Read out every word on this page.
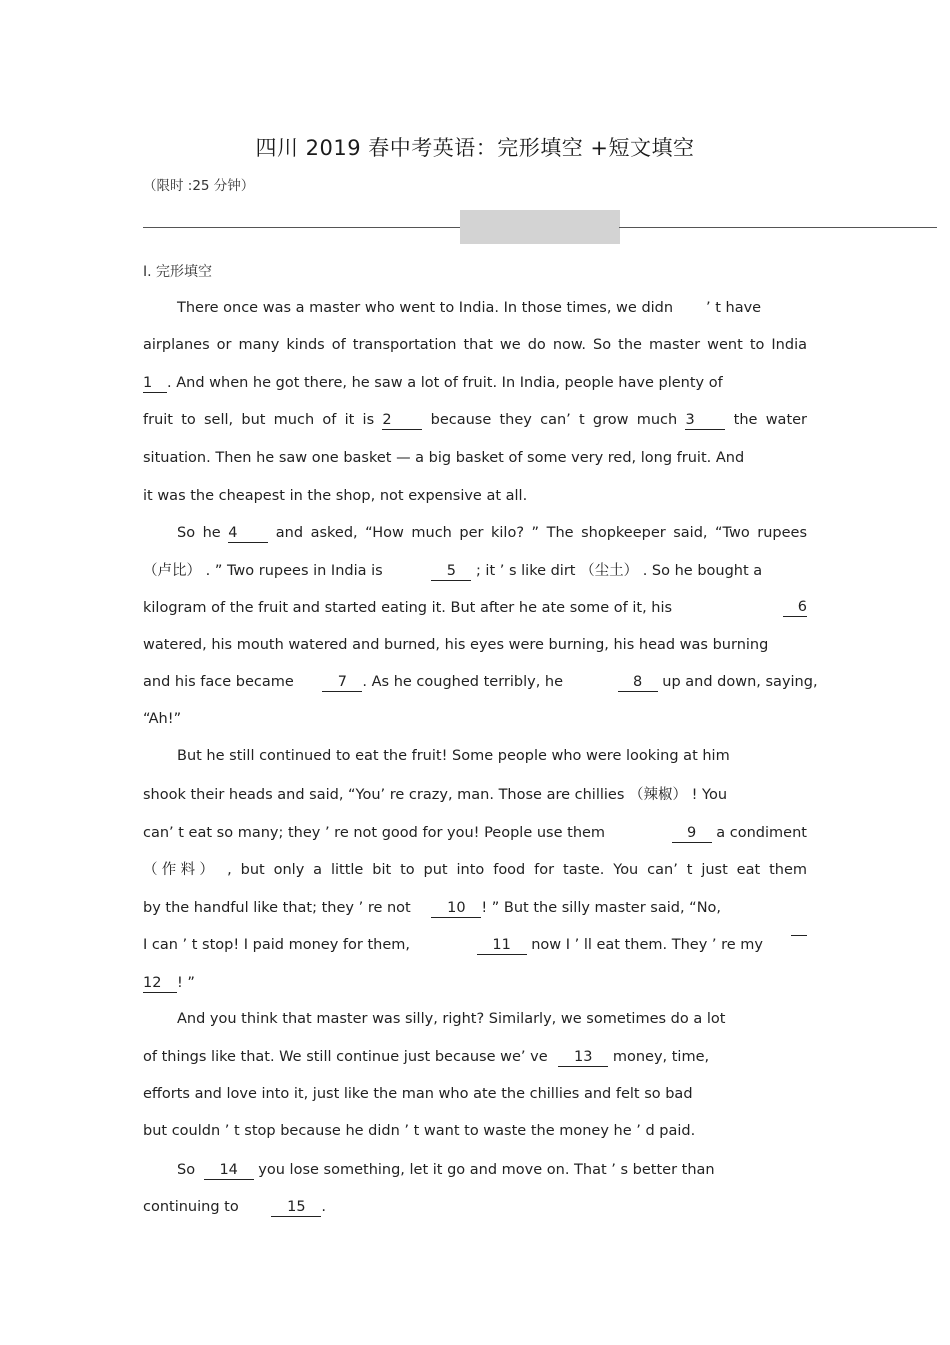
四川 2019 春中考英语：完形填空 +短文填空
（限时 :25 分钟）
Ⅰ. 完形填空
There once was a master who went to India. In those times, we didn ’ t have
airplanes or many kinds of transportation that we do now. So the master went to India
1 . And when he got there, he saw a lot of fruit. In India, people have plenty of
fruit to sell, but much of it is 2	because they can’ t grow much 3	the water
situation. Then he saw one basket — a big basket of some very red, long fruit. And
it was the cheapest in the shop, not expensive at all.
So he 4	and asked, “How much per kilo? ” The shopkeeper said, “Two rupees
（卢比） . ” Two rupees in India is	5 ; it ’ s like dirt （尘土） . So he bought a
kilogram of the fruit and started eating it. But after he ate some of it, his	6
watered, his mouth watered and burned, his eyes were burning, his head was burning
and his face became	7 . As he coughed terribly, he	8 up and down, saying,
“Ah!”
But he still continued to eat the fruit! Some people who were looking at him
shook their heads and said, “You’ re crazy, man. Those are chillies （辣椒） ! You
can’ t eat so many; they ’ re not good for you! People use them	9 a condiment
（作料） , but only a little bit to put into food for taste. You can’ t just eat them
by the handful like that; they ’ re not	10 ! ” But the silly master said, “No,
I can ’ t stop! I paid money for them,	11 now I ’ ll eat them. They ’ re my
12 ! ”
And you think that master was silly, right? Similarly, we sometimes do a lot
of things like that. We still continue just because we’ ve 13 money, time,
efforts and love into it, just like the man who ate the chillies and felt so bad
but couldn ’ t stop because he didn ’ t want to waste the money he ’ d paid.
So 14 you lose something, let it go and move on. That ’ s better than
continuing to	15 .
